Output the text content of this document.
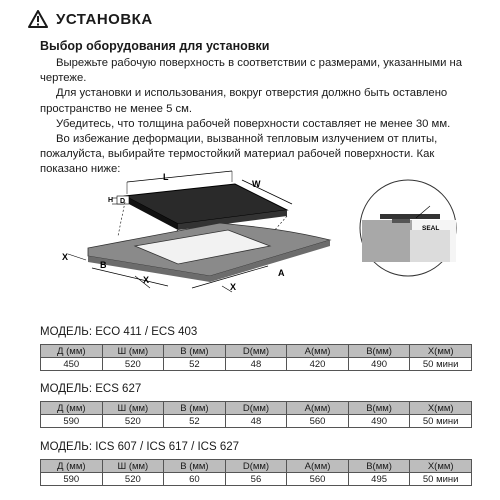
УСТАНОВКА
Выбор оборудования для установки

Вырежьте рабочую поверхность в соответствии с размерами, указанными на чертеже.

Для установки и использования, вокруг отверстия должно быть оставлено пространство не менее 5 см.

Убедитесь, что толщина рабочей поверхности составляет не менее 30 мм.

Во избежание деформации, вызванной тепловым излучением от плиты, пожалуйста, выбирайте термостойкий материал рабочей поверхности. Как показано ниже:

L
W
H D
X
B
X
A
X
SEAL
МОДЕЛЬ: ECO 411 / ECS 403
Д (мм)	Ш (мм)	В (мм)	D(мм)	А(мм)	В(мм)	Х(мм)
450	520	52	48	420	490	50 мини
МОДЕЛЬ: ECS 627
Д (мм)	Ш (мм)	В (мм)	D(мм)	А(мм)	В(мм)	Х(мм)
590	520	52	48	560	490	50 мини
МОДЕЛЬ: ICS 607 / ICS 617 / ICS 627
Д (мм)	Ш (мм)	В (мм)	D(мм)	А(мм)	В(мм)	Х(мм)
590	520	60	56	560	495	50 мини
